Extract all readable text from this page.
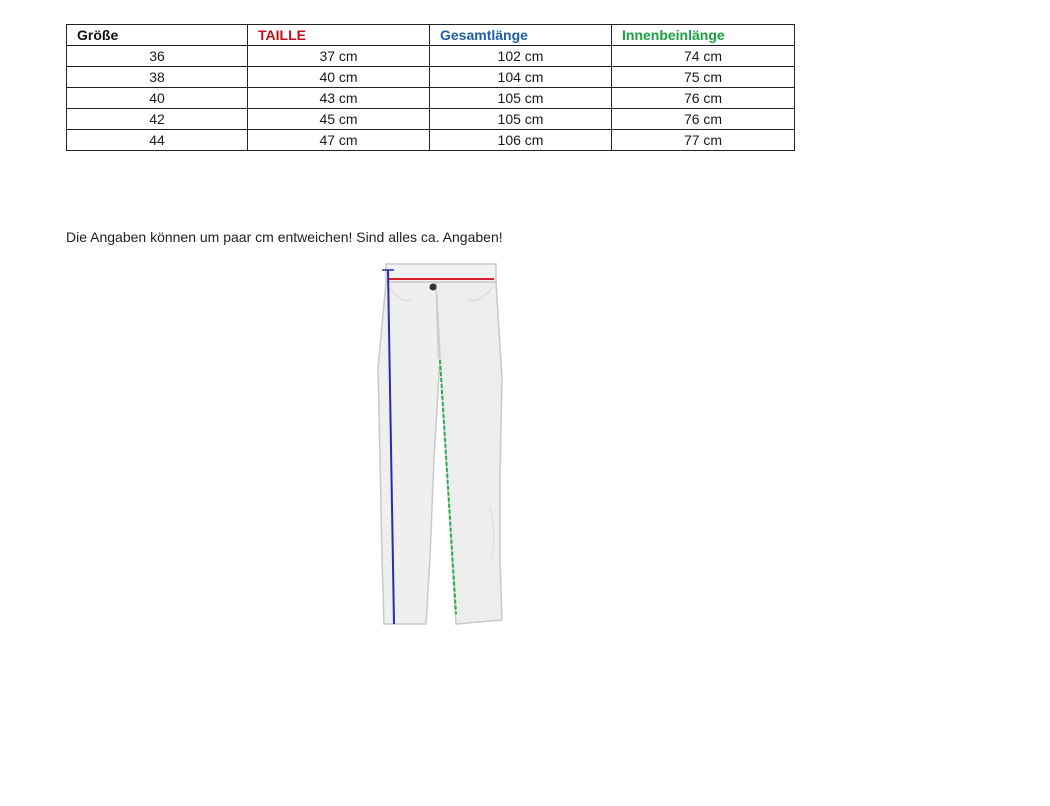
Größe	TAILLE	Gesamtlänge	Innenbeinlänge
36	37 cm	102 cm	74 cm
38	40 cm	104 cm	75 cm
40	43 cm	105 cm	76 cm
42	45 cm	105 cm	76 cm
44	47 cm	106 cm	77 cm
Die Angaben können um paar cm entweichen! Sind alles ca. Angaben!
